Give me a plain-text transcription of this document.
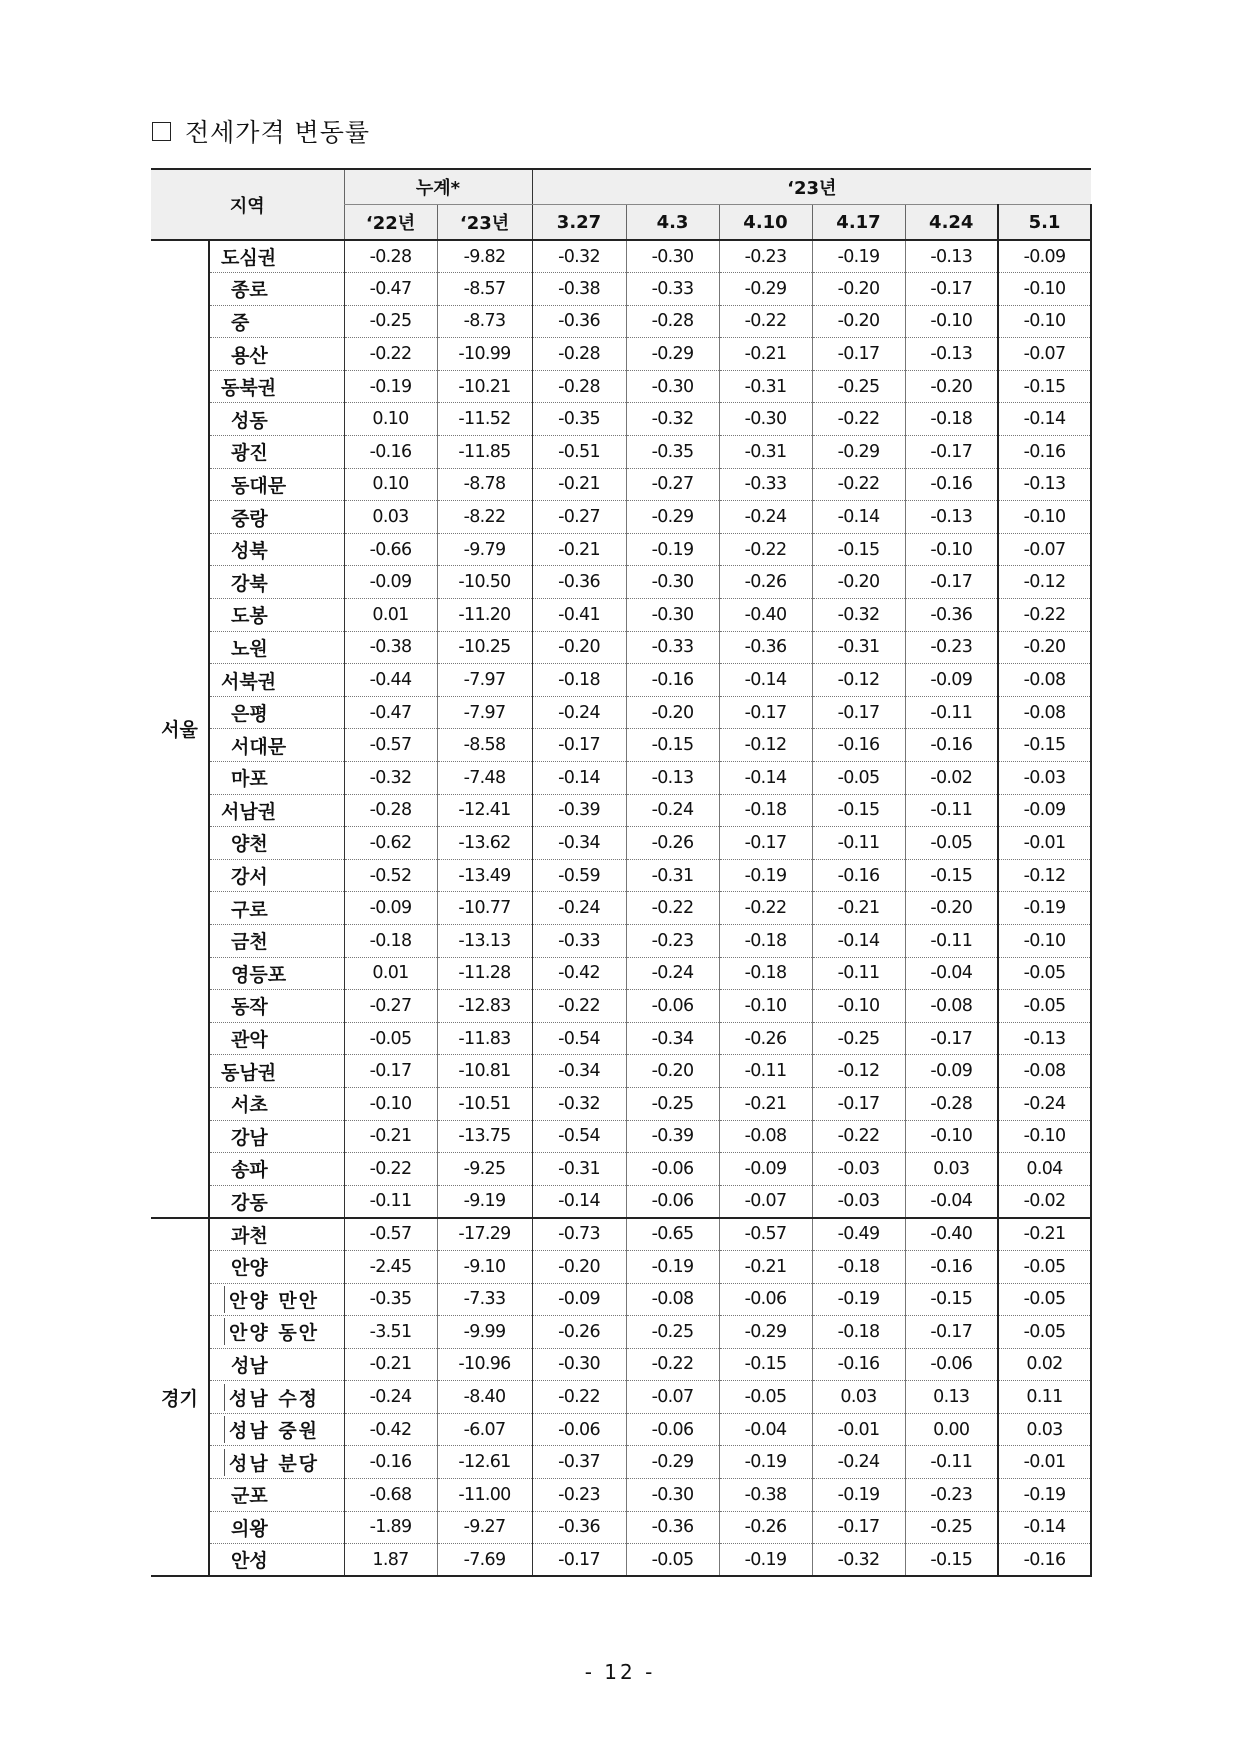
전세가격 변동률
지역		누계*		‘23년					
		‘22년	‘23년	3.27	4.3	4.10	4.17	4.24	5.1
서울	도심권	-0.28	-9.82	-0.32	-0.30	-0.23	-0.19	-0.13	-0.09
	종로	-0.47	-8.57	-0.38	-0.33	-0.29	-0.20	-0.17	-0.10
	중	-0.25	-8.73	-0.36	-0.28	-0.22	-0.20	-0.10	-0.10
	용산	-0.22	-10.99	-0.28	-0.29	-0.21	-0.17	-0.13	-0.07
	동북권	-0.19	-10.21	-0.28	-0.30	-0.31	-0.25	-0.20	-0.15
	성동	0.10	-11.52	-0.35	-0.32	-0.30	-0.22	-0.18	-0.14
	광진	-0.16	-11.85	-0.51	-0.35	-0.31	-0.29	-0.17	-0.16
	동대문	0.10	-8.78	-0.21	-0.27	-0.33	-0.22	-0.16	-0.13
	중랑	0.03	-8.22	-0.27	-0.29	-0.24	-0.14	-0.13	-0.10
	성북	-0.66	-9.79	-0.21	-0.19	-0.22	-0.15	-0.10	-0.07
	강북	-0.09	-10.50	-0.36	-0.30	-0.26	-0.20	-0.17	-0.12
	도봉	0.01	-11.20	-0.41	-0.30	-0.40	-0.32	-0.36	-0.22
	노원	-0.38	-10.25	-0.20	-0.33	-0.36	-0.31	-0.23	-0.20
	서북권	-0.44	-7.97	-0.18	-0.16	-0.14	-0.12	-0.09	-0.08
	은평	-0.47	-7.97	-0.24	-0.20	-0.17	-0.17	-0.11	-0.08
	서대문	-0.57	-8.58	-0.17	-0.15	-0.12	-0.16	-0.16	-0.15
	마포	-0.32	-7.48	-0.14	-0.13	-0.14	-0.05	-0.02	-0.03
	서남권	-0.28	-12.41	-0.39	-0.24	-0.18	-0.15	-0.11	-0.09
	양천	-0.62	-13.62	-0.34	-0.26	-0.17	-0.11	-0.05	-0.01
	강서	-0.52	-13.49	-0.59	-0.31	-0.19	-0.16	-0.15	-0.12
	구로	-0.09	-10.77	-0.24	-0.22	-0.22	-0.21	-0.20	-0.19
	금천	-0.18	-13.13	-0.33	-0.23	-0.18	-0.14	-0.11	-0.10
	영등포	0.01	-11.28	-0.42	-0.24	-0.18	-0.11	-0.04	-0.05
	동작	-0.27	-12.83	-0.22	-0.06	-0.10	-0.10	-0.08	-0.05
	관악	-0.05	-11.83	-0.54	-0.34	-0.26	-0.25	-0.17	-0.13
	동남권	-0.17	-10.81	-0.34	-0.20	-0.11	-0.12	-0.09	-0.08
	서초	-0.10	-10.51	-0.32	-0.25	-0.21	-0.17	-0.28	-0.24
	강남	-0.21	-13.75	-0.54	-0.39	-0.08	-0.22	-0.10	-0.10
	송파	-0.22	-9.25	-0.31	-0.06	-0.09	-0.03	0.03	0.04
	강동	-0.11	-9.19	-0.14	-0.06	-0.07	-0.03	-0.04	-0.02
경기	과천	-0.57	-17.29	-0.73	-0.65	-0.57	-0.49	-0.40	-0.21
	안양	-2.45	-9.10	-0.20	-0.19	-0.21	-0.18	-0.16	-0.05
	안양 만안	-0.35	-7.33	-0.09	-0.08	-0.06	-0.19	-0.15	-0.05
	안양 동안	-3.51	-9.99	-0.26	-0.25	-0.29	-0.18	-0.17	-0.05
	성남	-0.21	-10.96	-0.30	-0.22	-0.15	-0.16	-0.06	0.02
	성남 수정	-0.24	-8.40	-0.22	-0.07	-0.05	0.03	0.13	0.11
	성남 중원	-0.42	-6.07	-0.06	-0.06	-0.04	-0.01	0.00	0.03
	성남 분당	-0.16	-12.61	-0.37	-0.29	-0.19	-0.24	-0.11	-0.01
	군포	-0.68	-11.00	-0.23	-0.30	-0.38	-0.19	-0.23	-0.19
	의왕	-1.89	-9.27	-0.36	-0.36	-0.26	-0.17	-0.25	-0.14
	안성	1.87	-7.69	-0.17	-0.05	-0.19	-0.32	-0.15	-0.16
- 12 -
